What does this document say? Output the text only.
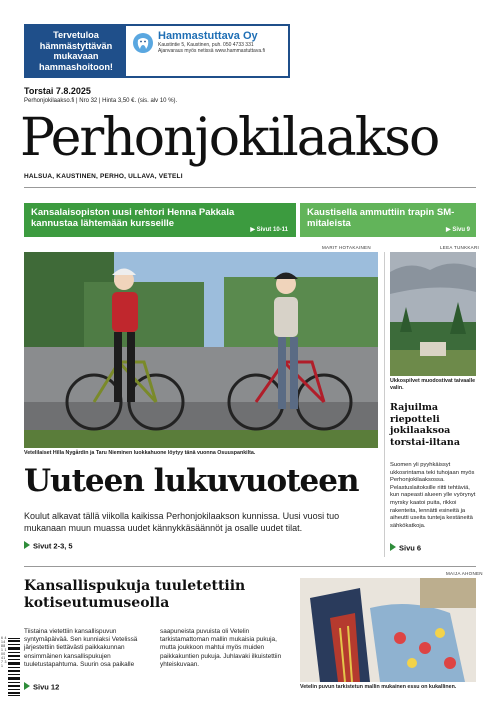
Tervetuloa hämmästyttävän mukavaan hammashoitoon!
Hammastuttava Oy
Kaustintie 5, Kaustinen, puh. 050 4733 331
Ajanvaraus myös netissä www.hammastuttava.fi
Torstai 7.8.2025
Perhonjokilaakso.fi | Nro 32 | Hinta 3,50 €. (sis. alv 10 %).
Perhonjokilaakso
HALSUA, KAUSTINEN, PERHO, ULLAVA, VETELI
Kansalaisopiston uusi rehtori Henna Pakkala kannustaa lähtemään kursseille
▶ Sivut 10-11
Kaustisella ammuttiin trapin SM-mitaleista
▶ Sivu 9
MARIT HOTAKAINEN
Vetelilaiset Hilla Nygårdin ja Taru Nieminen luokkahuone löytyy tänä vuonna Osuuspankilta.
LEEA TUNKKARI
Ukkospilvet muodostivat taivaalle valin.
Rajuilma riepotteli jokilaaksoa torstai-iltana
Suomen yli pyyhkäissyt ukkosrintama teki tuhojaan myös Perhonjokilaaksossa. Pelastuslaitoksille riitti tehtäviä, kun napeasti alueen ylle vyörynyt myrsky kaatoi puita, rikkoi rakenteita, lennätti esineitä ja aiheutti useita tunteja kestäneitä sähkökatkoja.
Sivu 6
Uuteen lukuvuoteen
Koulut alkavat tällä viikolla kaikissa Perhonjokilaakson kunnissa. Uusi vuosi tuo mukanaan muun muassa uudet kännykkäsäännöt ja osalle uudet tilat.
Sivut 2-3, 5
Kansallispukuja tuuletettiin kotiseutumuseolla
Tiistaina vietettiin kansallispuvun syntymäpäivää. Sen kunniaksi Vetelissä järjestettiin tiettävästi paikkakunnan ensimmäinen kansallispukujen tuuletustapahtuma. Suurin osa paikalle
saapuneista puvuista oli Vetelin tarkistamattoman mallin mukaisia pukuja, mutta joukkoon mahtui myös muiden paikkakuntien pukuja. Juhlavaki ilkuistettiin yhteiskuvaan.
Sivu 12
6 414881 100417 31
MAIJA AHONEN
Vetelin puvun tarkistetun mallin mukainen essu on kukallinen.
